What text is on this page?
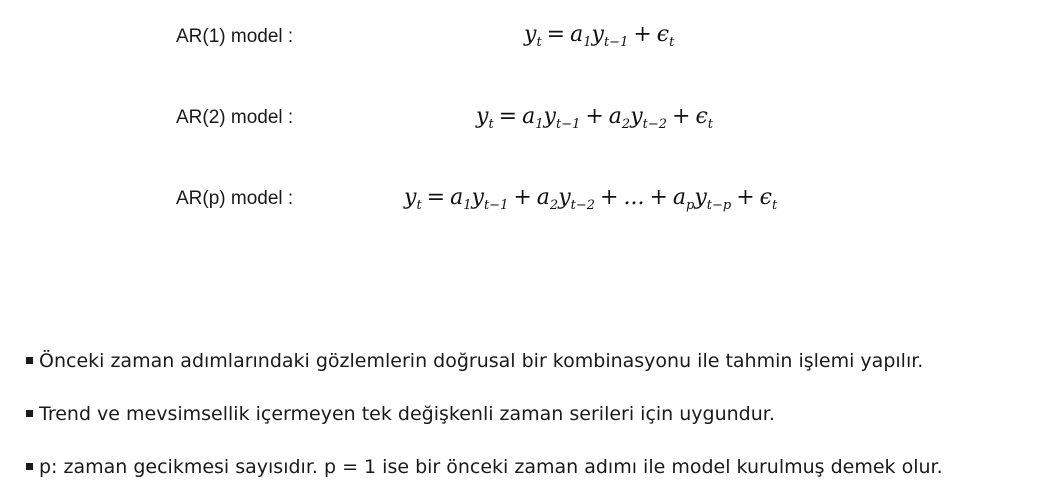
AR(1) model :
AR(2) model :
AR(p) model :
$y_t = a_1y_{t-1} + \epsilon_t$
$y_t = a_1y_{t-1} + a_2y_{t-2} + \epsilon_t$
$y_t = a_1y_{t-1} + a_2y_{t-2}$ + ... + $a_py_{t-p} + \epsilon_t$
Önceki zaman adımlarındaki gözlemlerin doğrusal bir kombinasyonu ile tahmin işlemi yapılır.
Trend ve mevsimsellik içermeyen tek değişkenli zaman serileri için uygundur.
p: zaman gecikmesi sayısıdır. p = 1 ise bir önceki zaman adımı ile model kurulmuş demek olur.
